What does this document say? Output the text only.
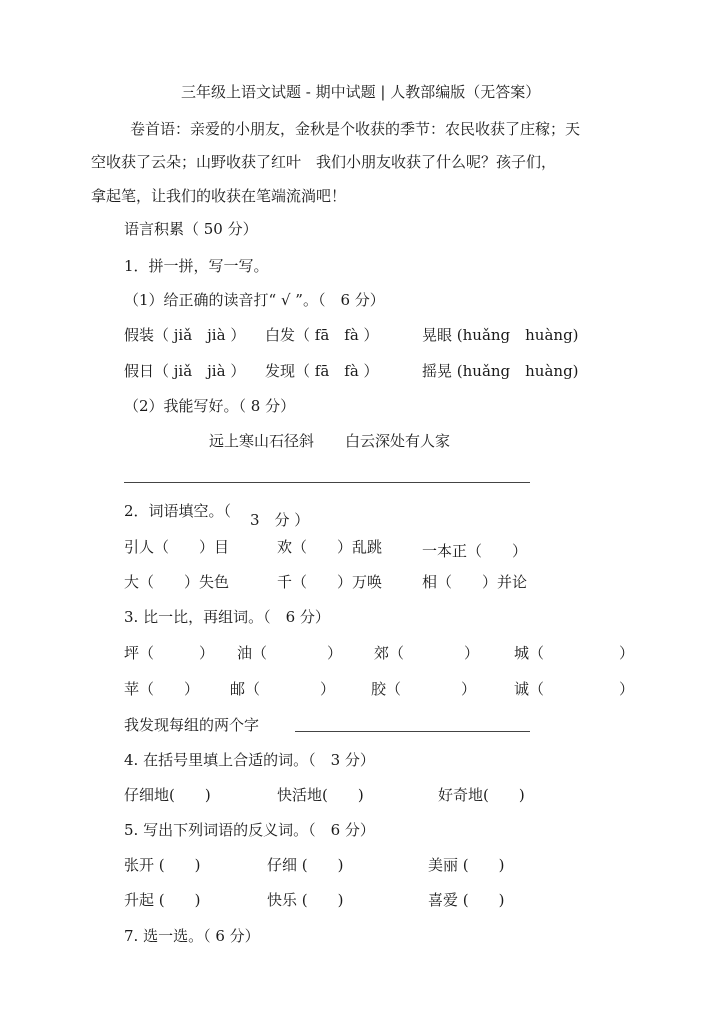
三年级上语文试题 - 期中试题 | 人教部编版（无答案）
卷首语：亲爱的小朋友，金秋是个收获的季节：农民收获了庄稼；天
空收获了云朵；山野收获了红叶　我们小朋友收获了什么呢？孩子们，
拿起笔，让我们的收获在笔端流淌吧！
语言积累（ 50 分）
1．拼一拼，写一写。
（1）给正确的读音打“ √ ”。（　6 分）
假装（ jiǎ　jià ） 白发（ fā　fà ）	晃眼 (huǎng　huàng)
假日（ jiǎ　jià ） 发现（ fā　fà ）	摇晃 (huǎng　huàng)
（2）我能写好。（ 8 分）
远上寒山石径斜 白云深处有人家
2．词语填空。（ 3　分 ）
引人（　　）目	欢（　　）乱跳	一本正（　　）
大（　　）失色	千（　　）万唤	相（　　）并论
3. 比一比，再组词。（　6 分）
坪（　　　） 油（　　　　） 郊（　　　　） 城（　　　　　）
苹（　　） 邮（　　　　） 胶（　　　　）	诚（　　　　　）
我发现每组的两个字
4. 在括号里填上合适的词。（　3 分）
仔细地(　　)	快活地(　　)	好奇地(　　)
5. 写出下列词语的反义词。（　6 分）
张开 (　　)	仔细 (　　)	美丽 (　　)
升起 (　　)	快乐 (　　)	喜爱 (　　)
7. 选一选。（ 6 分）
